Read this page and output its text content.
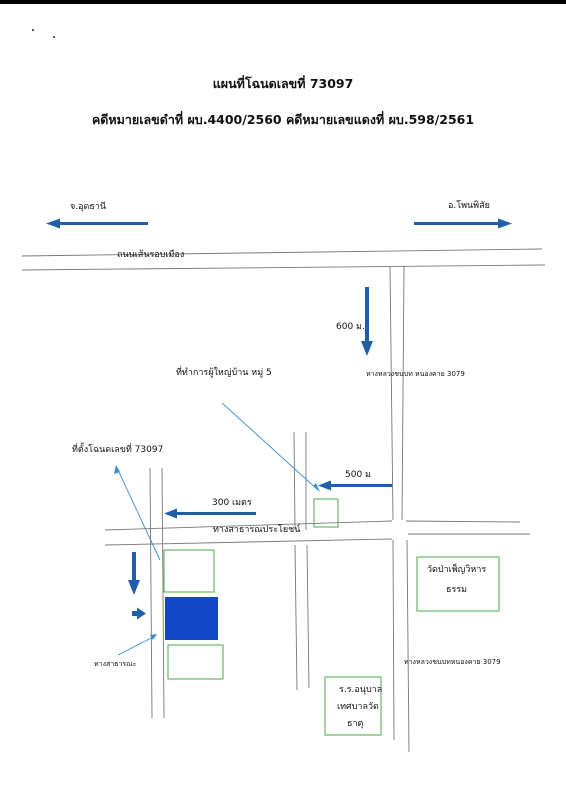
แผนที่โฉนดเลขที่ 73097
คดีหมายเลขดำที่ ผบ.4400/2560 คดีหมายเลขแดงที่ ผบ.598/2561
จ.อุดธานี	อ.โพนพิสัย
ถนนเส้นรอบเมือง
600 ม.
ทางหลวงชนบท หนองคาย 3079
ที่ทำการผู้ใหญ่บ้าน หมู่ 5
500 ม
ที่ตั้งโฉนดเลขที่ 73097
300 เมตร
ทางสาธารณประโยชน์
วัดป่าเพ็ญวิหาร
ธรรม
ทางหลวงชนบทหนองคาย 3079
ทางสาธารณะ
ร.ร.อนุบาล
เทศบาลวัด
ธาตุ
